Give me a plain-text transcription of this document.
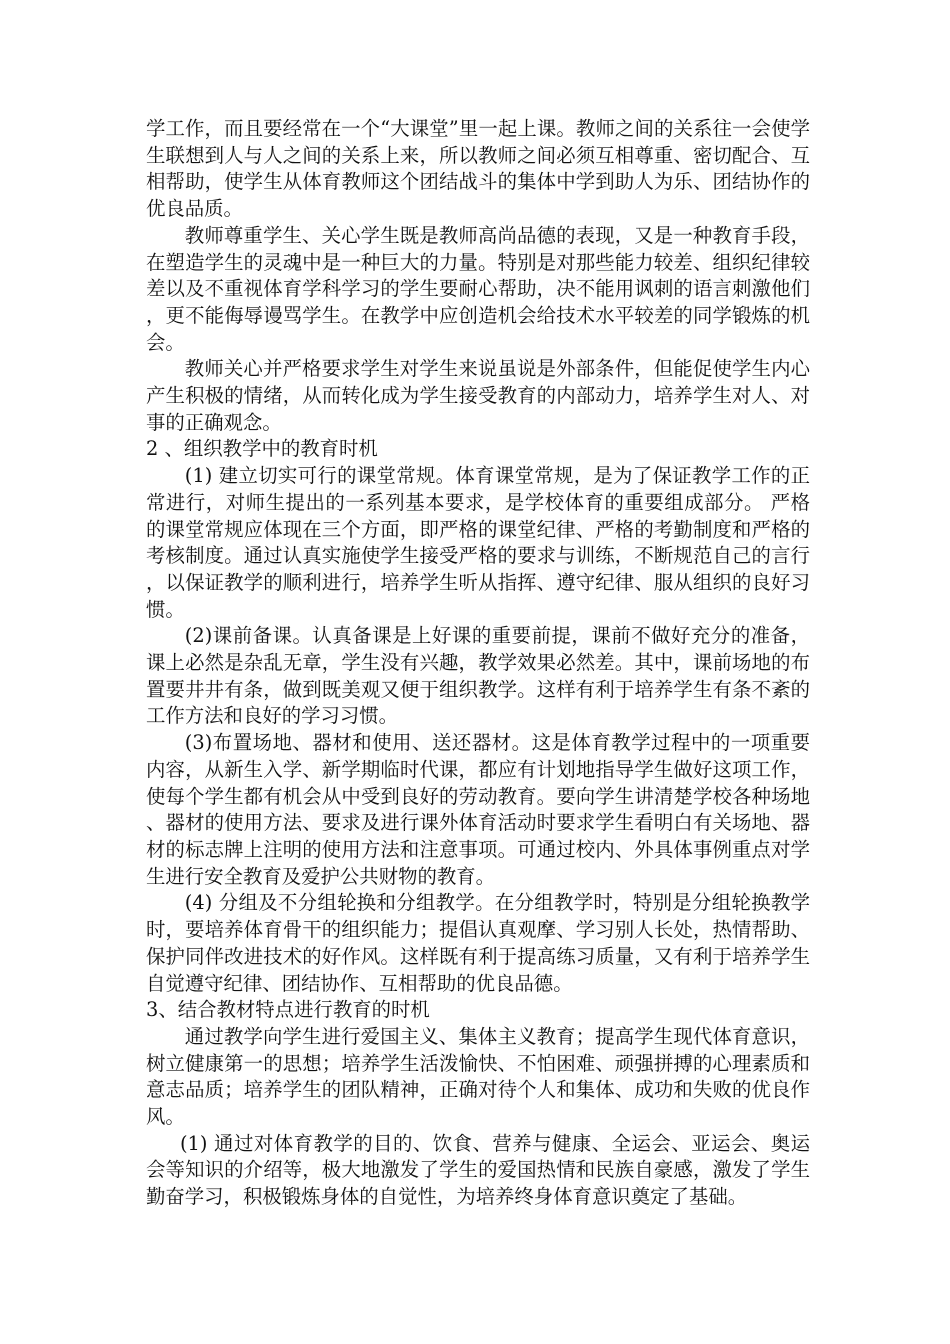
学工作，而且要经常在一个“大课堂”里一起上课。教师之间的关系往一会使学生联想到人与人之间的关系上来，所以教师之间必须互相尊重、密切配合、互相帮助，使学生从体育教师这个团结战斗的集体中学到助人为乐、团结协作的优良品质。

教师尊重学生、关心学生既是教师高尚品德的表现，又是一种教育手段，在塑造学生的灵魂中是一种巨大的力量。特别是对那些能力较差、组织纪律较差以及不重视体育学科学习的学生要耐心帮助，决不能用讽刺的语言刺激他们，更不能侮辱谩骂学生。在教学中应创造机会给技术水平较差的同学锻炼的机会。

教师关心并严格要求学生对学生来说虽说是外部条件，但能促使学生内心产生积极的情绪，从而转化成为学生接受教育的内部动力，培养学生对人、对事的正确观念。

2 、组织教学中的教育时机

(1) 建立切实可行的课堂常规。体育课堂常规，是为了保证教学工作的正常进行，对师生提出的一系列基本要求，是学校体育的重要组成部分。 严格的课堂常规应体现在三个方面，即严格的课堂纪律、严格的考勤制度和严格的考核制度。通过认真实施使学生接受严格的要求与训练，不断规范自己的言行，以保证教学的顺利进行，培养学生听从指挥、遵守纪律、服从组织的良好习惯。

(2)课前备课。认真备课是上好课的重要前提，课前不做好充分的准备，课上必然是杂乱无章，学生没有兴趣，教学效果必然差。其中，课前场地的布置要井井有条，做到既美观又便于组织教学。这样有利于培养学生有条不紊的工作方法和良好的学习习惯。

(3)布置场地、器材和使用、送还器材。这是体育教学过程中的一项重要内容，从新生入学、新学期临时代课，都应有计划地指导学生做好这项工作，使每个学生都有机会从中受到良好的劳动教育。要向学生讲清楚学校各种场地、器材的使用方法、要求及进行课外体育活动时要求学生看明白有关场地、器材的标志牌上注明的使用方法和注意事项。可通过校内、外具体事例重点对学生进行安全教育及爱护公共财物的教育。

(4) 分组及不分组轮换和分组教学。在分组教学时，特别是分组轮换教学时，要培养体育骨干的组织能力；提倡认真观摩、学习别人长处，热情帮助、保护同伴改进技术的好作风。这样既有利于提高练习质量，又有利于培养学生自觉遵守纪律、团结协作、互相帮助的优良品德。

3、结合教材特点进行教育的时机

通过教学向学生进行爱国主义、集体主义教育；提高学生现代体育意识，树立健康第一的思想；培养学生活泼愉快、不怕困难、顽强拼搏的心理素质和意志品质；培养学生的团队精神，正确对待个人和集体、成功和失败的优良作风。

(1) 通过对体育教学的目的、饮食、营养与健康、全运会、亚运会、奥运会等知识的介绍等，极大地激发了学生的爱国热情和民族自豪感，激发了学生勤奋学习，积极锻炼身体的自觉性，为培养终身体育意识奠定了基础。
